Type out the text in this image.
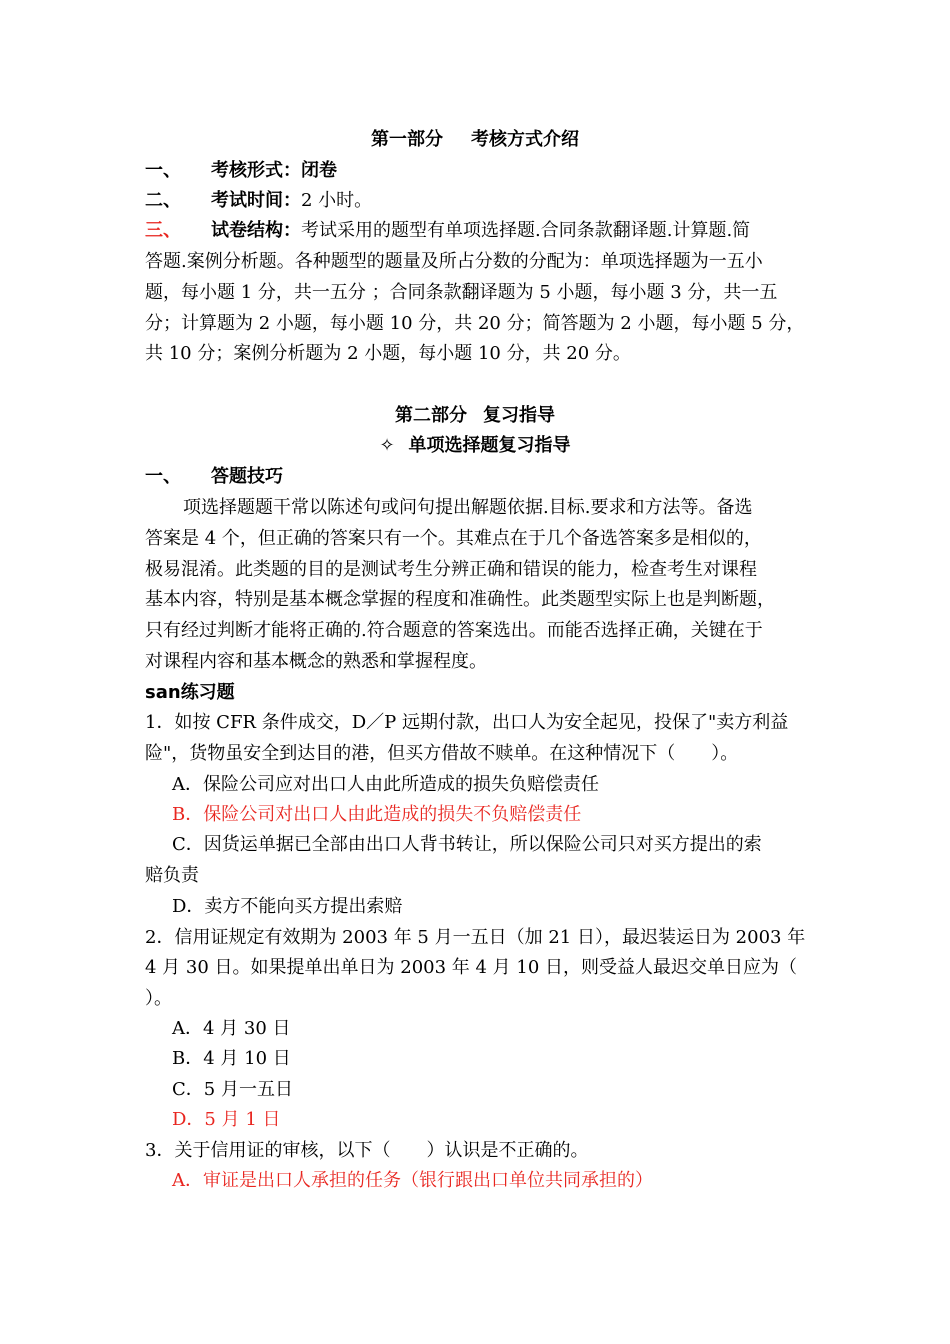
第一部分 考核方式介绍
一、 考核形式：闭卷
二、 考试时间：2 小时。
三、 试卷结构：考试采用的题型有单项选择题.合同条款翻译题.计算题.简
答题.案例分析题。各种题型的题量及所占分数的分配为：单项选择题为一五小
题，每小题 1 分，共一五分 ；合同条款翻译题为 5 小题，每小题 3 分，共一五
分；计算题为 2 小题，每小题 10 分，共 20 分；简答题为 2 小题，每小题 5 分，
共 10 分；案例分析题为 2 小题，每小题 10 分，共 20 分。
第二部分 复习指导
✧ 单项选择题复习指导
一、 答题技巧
项选择题题干常以陈述句或问句提出解题依据.目标.要求和方法等。备选
答案是 4 个，但正确的答案只有一个。其难点在于几个备选答案多是相似的，
极易混淆。此类题的目的是测试考生分辨正确和错误的能力，检查考生对课程
基本内容，特别是基本概念掌握的程度和准确性。此类题型实际上也是判断题，
只有经过判断才能将正确的.符合题意的答案选出。而能否选择正确，关键在于
对课程内容和基本概念的熟悉和掌握程度。
san练习题
1．如按 CFR 条件成交，D／P 远期付款，出口人为安全起见，投保了"卖方利益
险"，货物虽安全到达目的港，但买方借故不赎单。在这种情况下（　　）。
A．保险公司应对出口人由此所造成的损失负赔偿责任
B．保险公司对出口人由此造成的损失不负赔偿责任
C．因货运单据已全部由出口人背书转让，所以保险公司只对买方提出的索
赔负责
D．卖方不能向买方提出索赔
2．信用证规定有效期为 2003 年 5 月一五日（加 21 日），最迟装运日为 2003 年
4 月 30 日。如果提单出单日为 2003 年 4 月 10 日，则受益人最迟交单日应为（
）。
A．4 月 30 日
B．4 月 10 日
C．5 月一五日
D．5 月 1 日
3．关于信用证的审核，以下（　　）认识是不正确的。
A．审证是出口人承担的任务（银行跟出口单位共同承担的）
